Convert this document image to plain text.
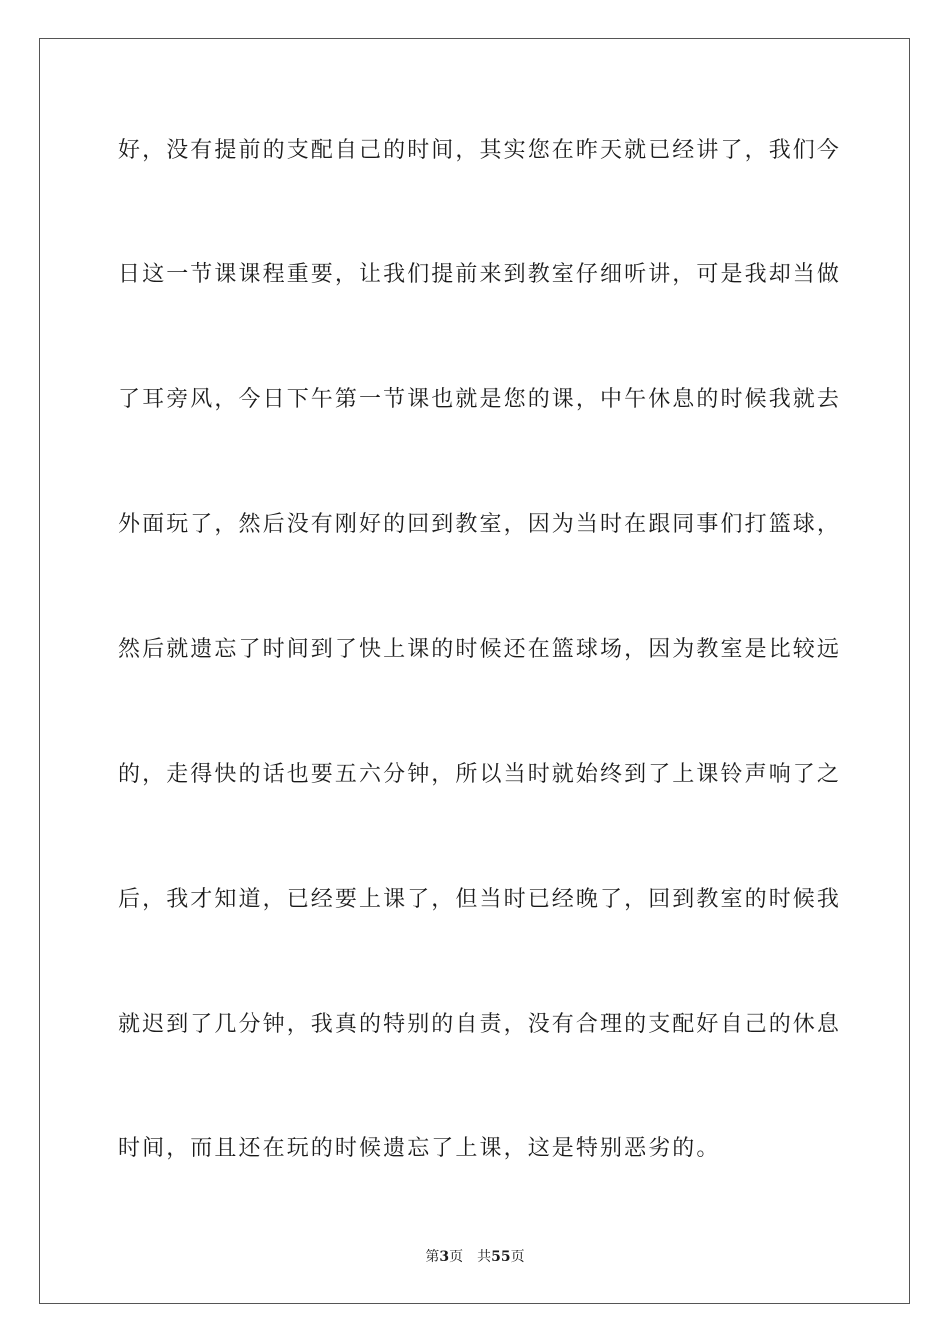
好，没有提前的支配自己的时间，其实您在昨天就已经讲了，我们今
日这一节课课程重要，让我们提前来到教室仔细听讲，可是我却当做
了耳旁风，今日下午第一节课也就是您的课，中午休息的时候我就去
外面玩了，然后没有刚好的回到教室，因为当时在跟同事们打篮球，
然后就遗忘了时间到了快上课的时候还在篮球场，因为教室是比较远
的，走得快的话也要五六分钟，所以当时就始终到了上课铃声响了之
后，我才知道，已经要上课了，但当时已经晚了，回到教室的时候我
就迟到了几分钟，我真的特别的自责，没有合理的支配好自己的休息
时间，而且还在玩的时候遗忘了上课，这是特别恶劣的。
第3页 共55页
